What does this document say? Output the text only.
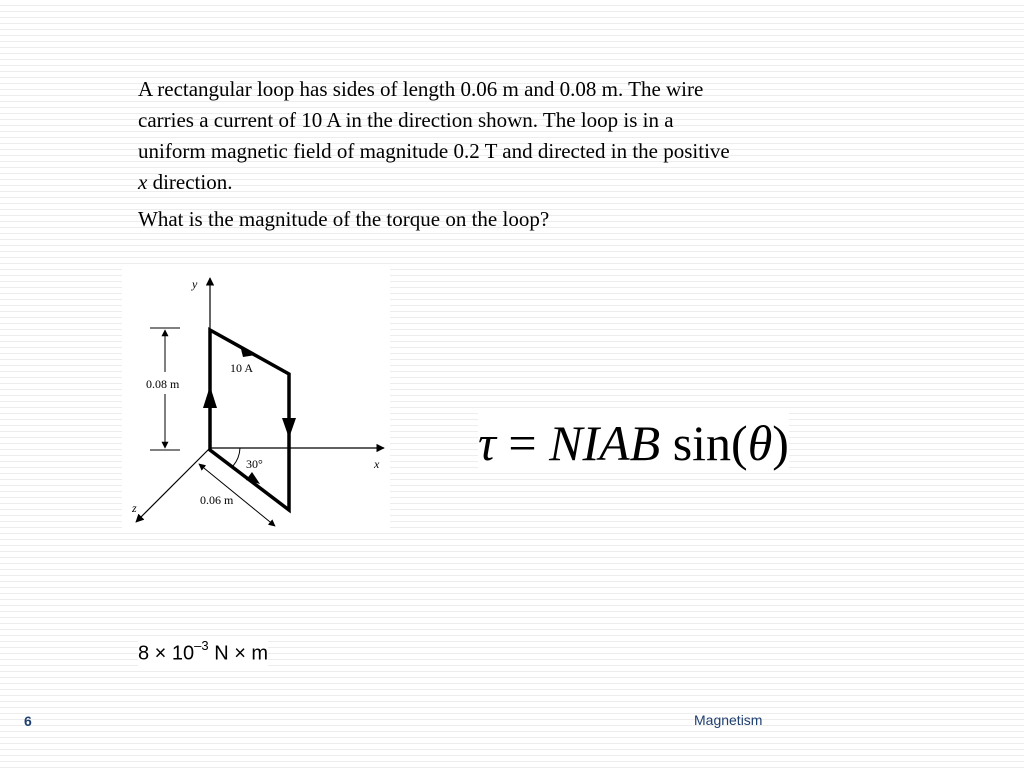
A rectangular loop has sides of length 0.06 m and 0.08 m. The wire carries a current of 10 A in the direction shown. The loop is in a uniform magnetic field of magnitude 0.2 T and directed in the positive x direction.

What is the magnitude of the torque on the loop?

y
x
z
0.08 m
0.06 m
10 A
30°	τ = NIAB sin(θ)
$8 \times 10^{-3}$ N × m
6	Magnetism
